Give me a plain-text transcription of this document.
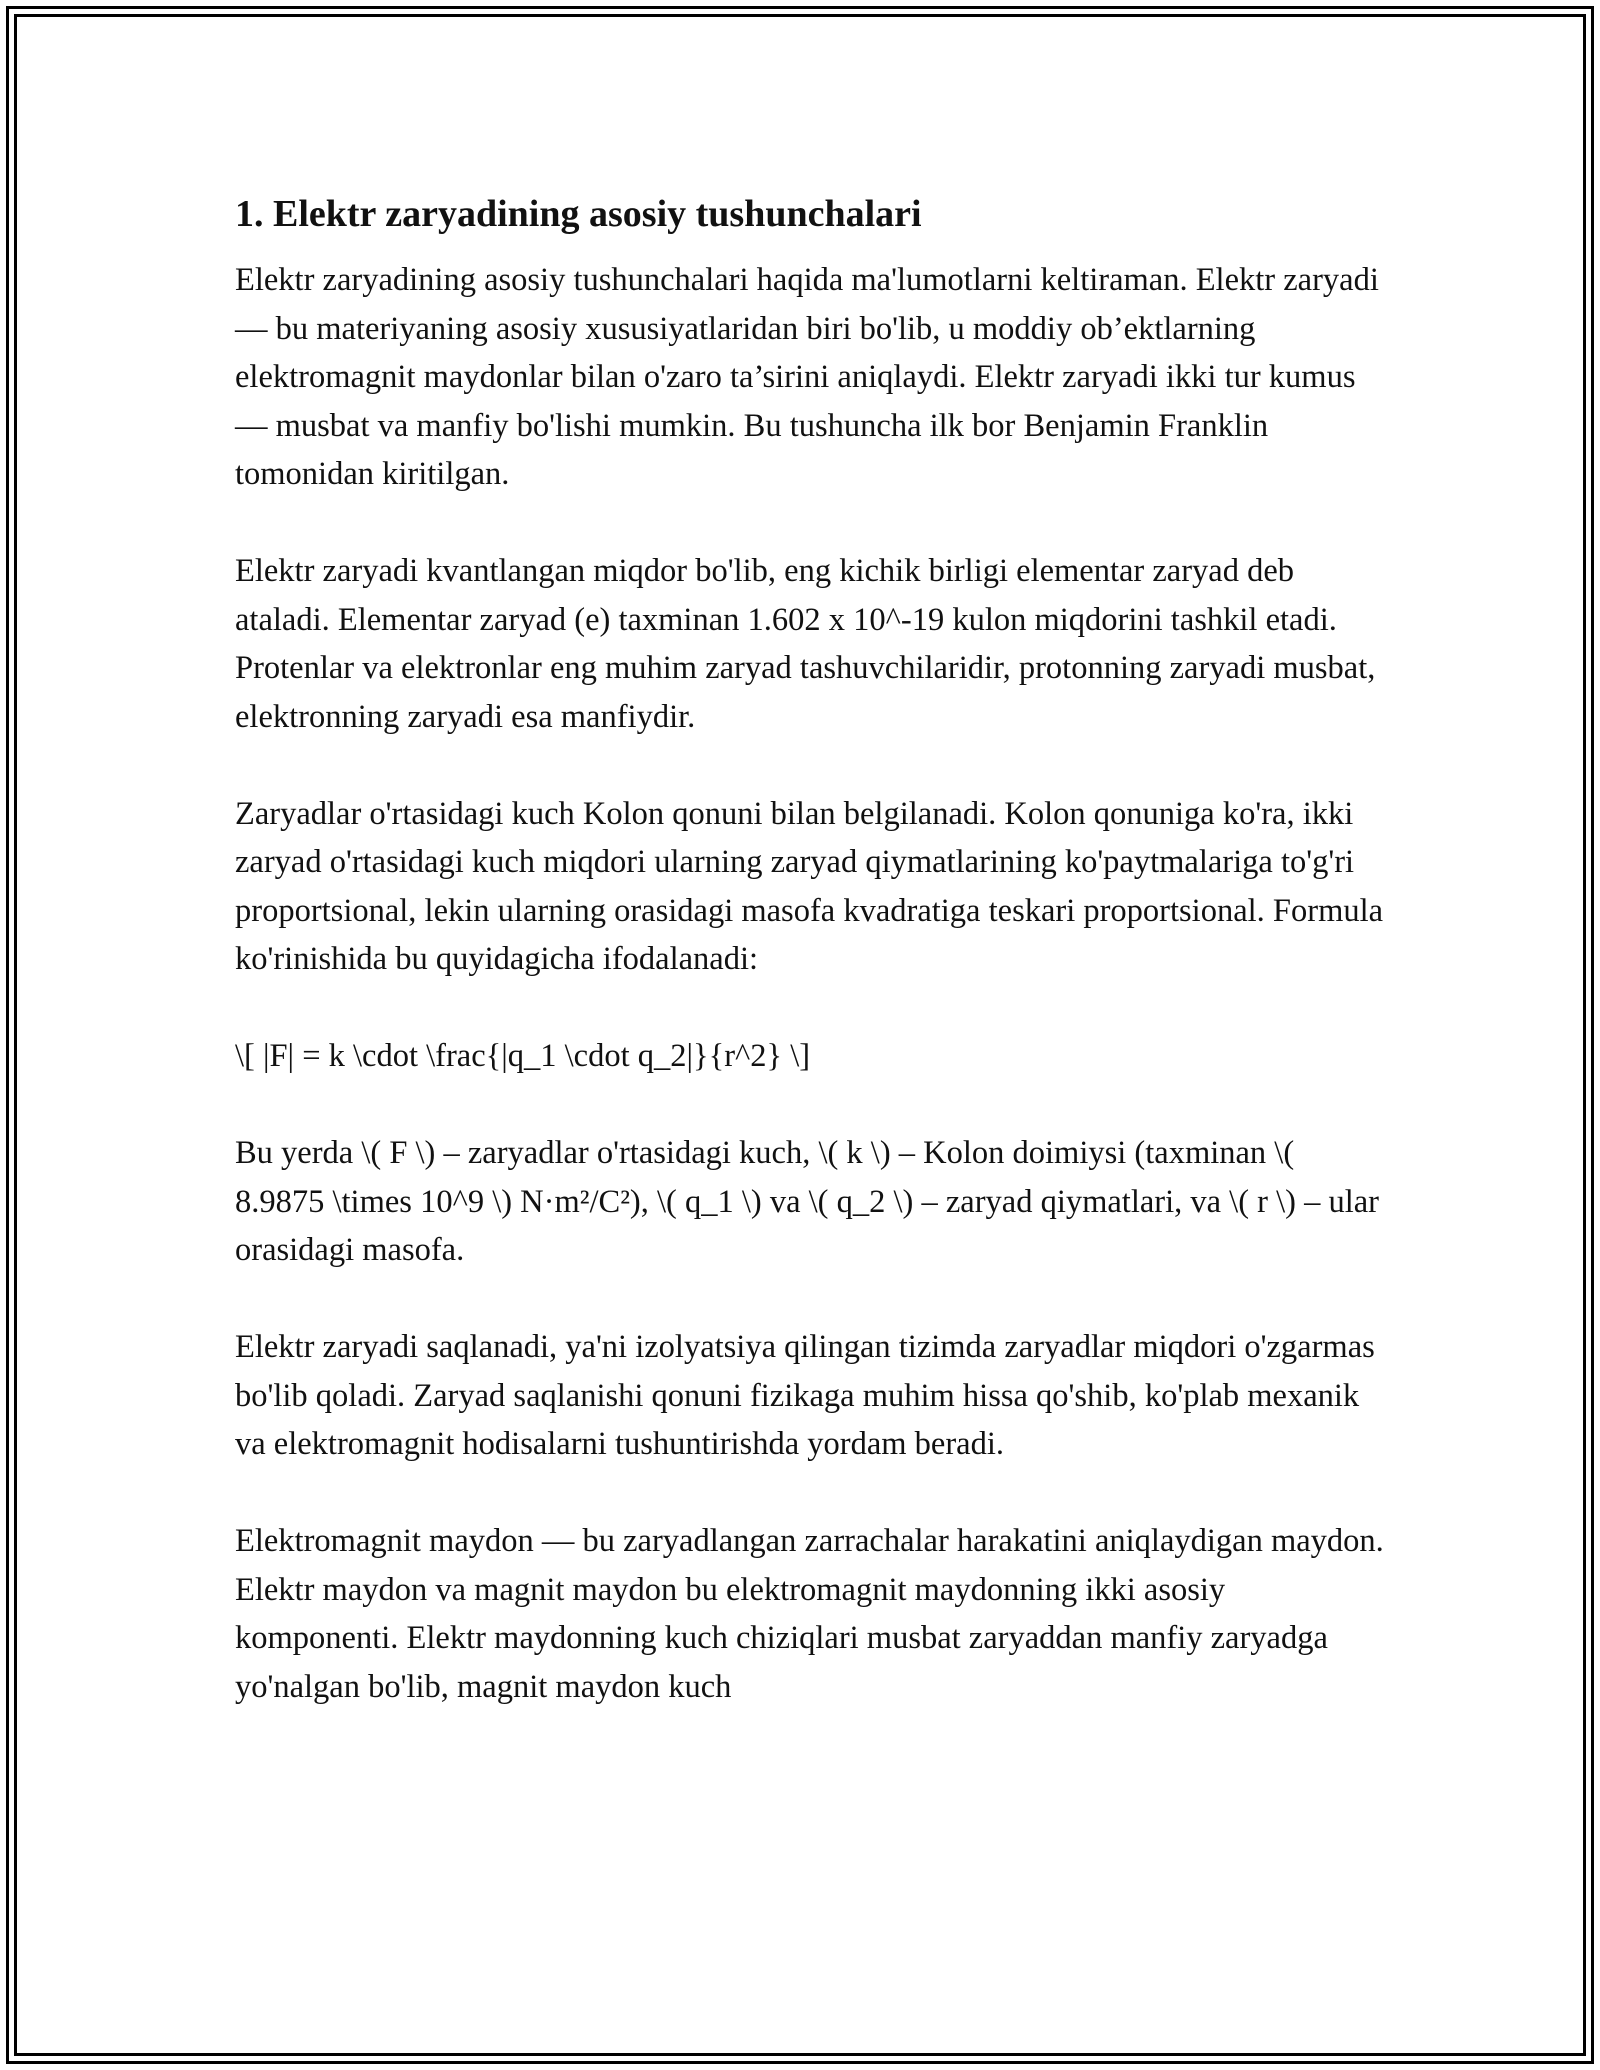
1. Elektr zaryadining asosiy tushunchalari

Elektr zaryadining asosiy tushunchalari haqida ma'lumotlarni keltiraman. Elektr zaryadi — bu materiyaning asosiy xususiyatlaridan biri bo'lib, u moddiy ob’ektlarning elektromagnit maydonlar bilan o'zaro ta’sirini aniqlaydi. Elektr zaryadi ikki tur kumus — musbat va manfiy bo'lishi mumkin. Bu tushuncha ilk bor Benjamin Franklin tomonidan kiritilgan.

Elektr zaryadi kvantlangan miqdor bo'lib, eng kichik birligi elementar zaryad deb ataladi. Elementar zaryad (e) taxminan 1.602 x 10^-19 kulon miqdorini tashkil etadi. Protenlar va elektronlar eng muhim zaryad tashuvchilaridir, protonning zaryadi musbat, elektronning zaryadi esa manfiydir.

Zaryadlar o'rtasidagi kuch Kolon qonuni bilan belgilanadi. Kolon qonuniga ko'ra, ikki zaryad o'rtasidagi kuch miqdori ularning zaryad qiymatlarining ko'paytmalariga to'g'ri proportsional, lekin ularning orasidagi masofa kvadratiga teskari proportsional. Formula ko'rinishida bu quyidagicha ifodalanadi:

\[ |F| = k \cdot \frac{|q_1 \cdot q_2|}{r^2} \]

Bu yerda \( F \) – zaryadlar o'rtasidagi kuch, \( k \) – Kolon doimiysi (taxminan \( 8.9875 \times 10^9 \) N·m²/C²), \( q_1 \) va \( q_2 \) – zaryad qiymatlari, va \( r \) – ular orasidagi masofa.

Elektr zaryadi saqlanadi, ya'ni izolyatsiya qilingan tizimda zaryadlar miqdori o'zgarmas bo'lib qoladi. Zaryad saqlanishi qonuni fizikaga muhim hissa qo'shib, ko'plab mexanik va elektromagnit hodisalarni tushuntirishda yordam beradi.

Elektromagnit maydon — bu zaryadlangan zarrachalar harakatini aniqlaydigan maydon. Elektr maydon va magnit maydon bu elektromagnit maydonning ikki asosiy komponenti. Elektr maydonning kuch chiziqlari musbat zaryaddan manfiy zaryadga yo'nalgan bo'lib, magnit maydon kuch
